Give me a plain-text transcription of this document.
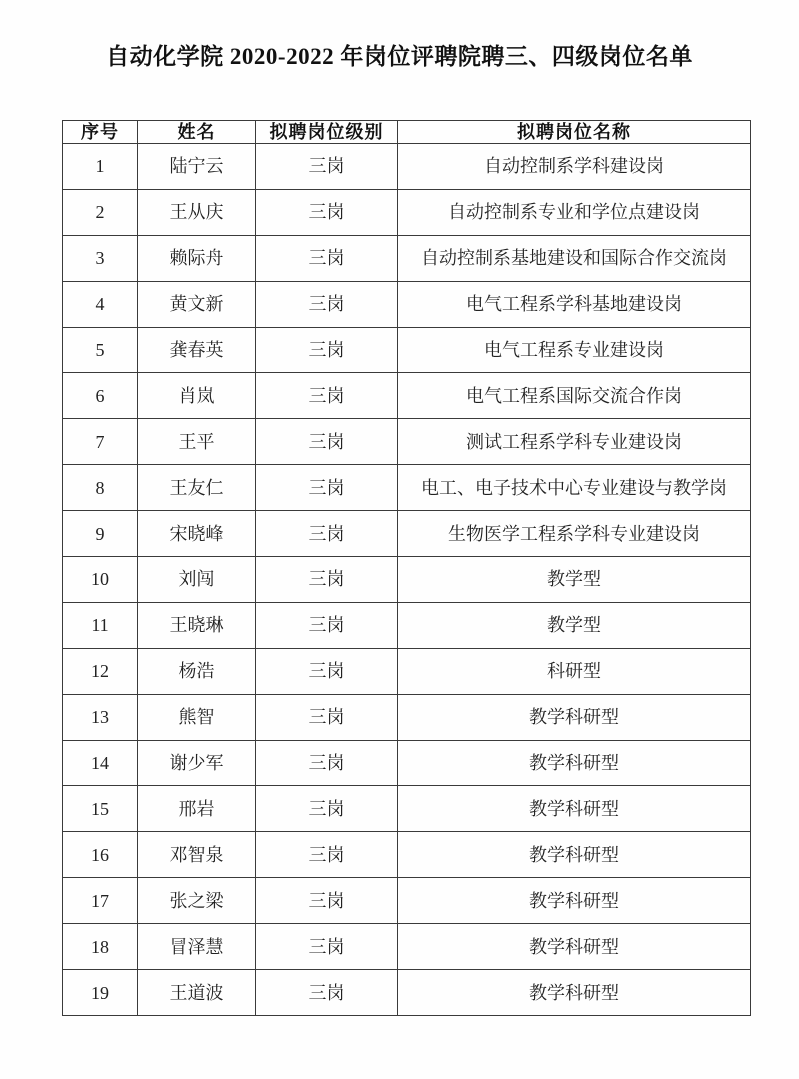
自动化学院 2020-2022 年岗位评聘院聘三、四级岗位名单
序号	姓名	拟聘岗位级别	拟聘岗位名称
1	陆宁云	三岗	自动控制系学科建设岗
2	王从庆	三岗	自动控制系专业和学位点建设岗
3	赖际舟	三岗	自动控制系基地建设和国际合作交流岗
4	黄文新	三岗	电气工程系学科基地建设岗
5	龚春英	三岗	电气工程系专业建设岗
6	肖岚	三岗	电气工程系国际交流合作岗
7	王平	三岗	测试工程系学科专业建设岗
8	王友仁	三岗	电工、电子技术中心专业建设与教学岗
9	宋晓峰	三岗	生物医学工程系学科专业建设岗
10	刘闯	三岗	教学型
11	王晓琳	三岗	教学型
12	杨浩	三岗	科研型
13	熊智	三岗	教学科研型
14	谢少军	三岗	教学科研型
15	邢岩	三岗	教学科研型
16	邓智泉	三岗	教学科研型
17	张之梁	三岗	教学科研型
18	冒泽慧	三岗	教学科研型
19	王道波	三岗	教学科研型
